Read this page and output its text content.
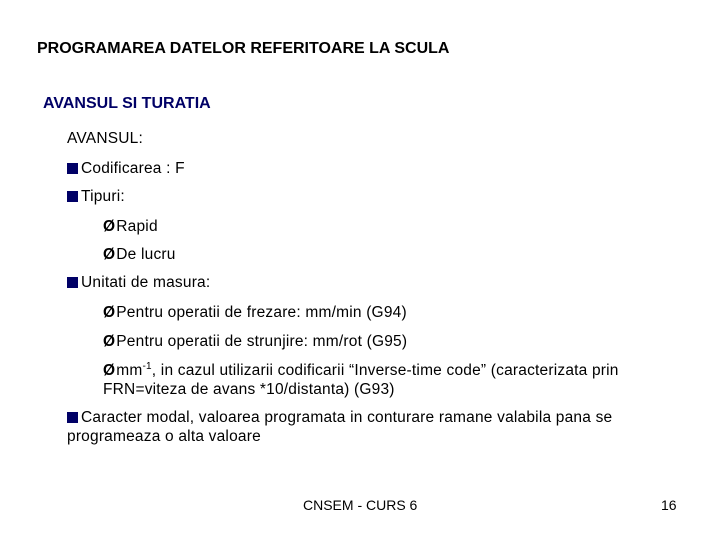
PROGRAMAREA DATELOR REFERITOARE LA SCULA
AVANSUL SI TURATIA
AVANSUL:
Codificarea : F
Tipuri:
ØRapid
ØDe lucru
Unitati de masura:
ØPentru operatii de frezare: mm/min (G94)
ØPentru operatii de strunjire: mm/rot (G95)
Ømm$^{-1}$, in cazul utilizarii codificarii “Inverse-time code” (caracterizata prin
FRN=viteza de avans *10/distanta) (G93)
Caracter modal, valoarea programata in conturare ramane valabila pana se
programeaza o alta valoare
CNSEM - CURS 6	16
